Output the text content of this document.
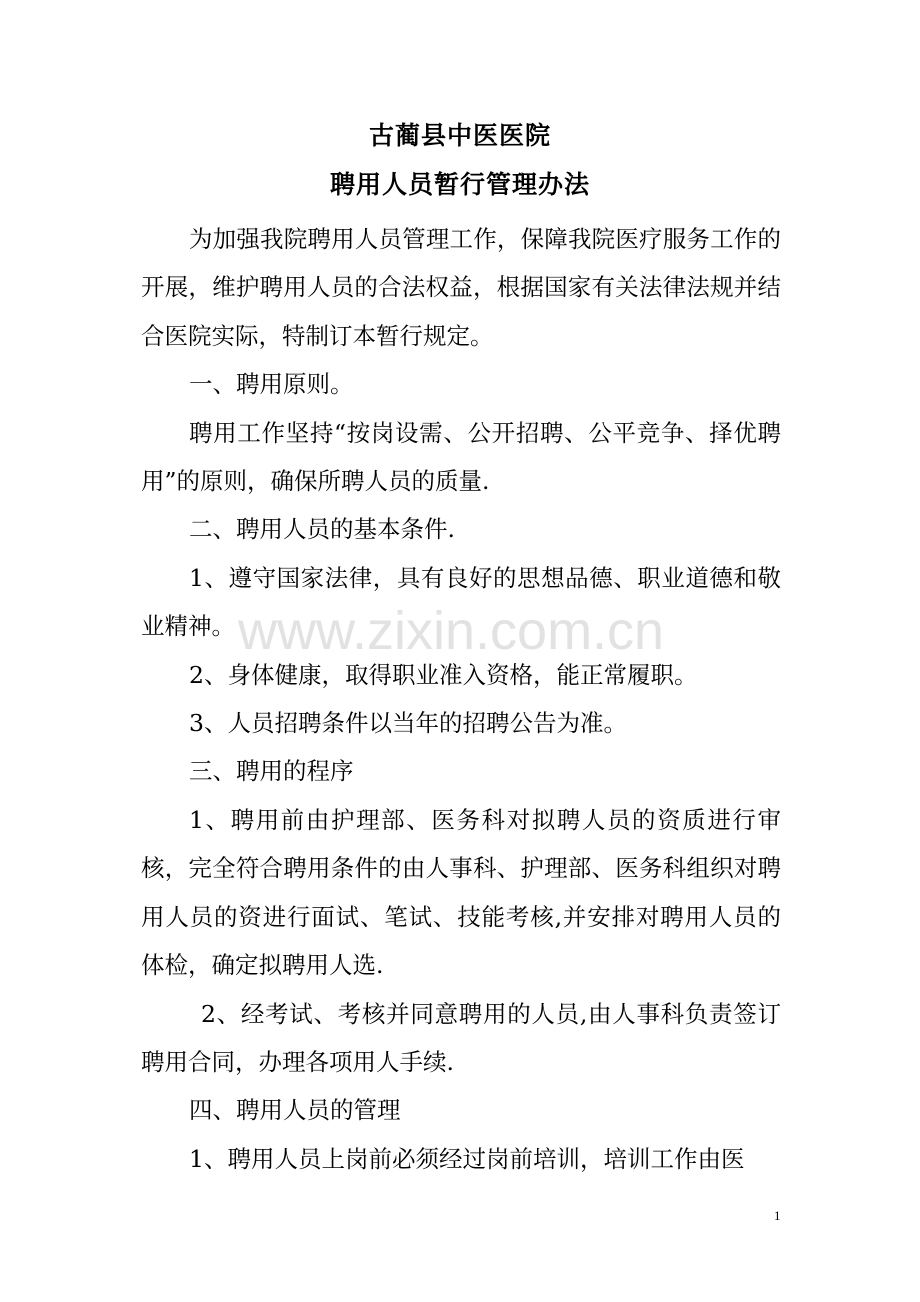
古蔺县中医医院
聘用人员暂行管理办法

为加强我院聘用人员管理工作，保障我院医疗服务工作的开展，维护聘用人员的合法权益，根据国家有关法律法规并结合医院实际，特制订本暂行规定。

一、聘用原则。

聘用工作坚持“按岗设需、公开招聘、公平竞争、择优聘用”的原则，确保所聘人员的质量.

二、聘用人员的基本条件.

1、遵守国家法律，具有良好的思想品德、职业道德和敬业精神。

2、身体健康，取得职业准入资格，能正常履职。

3、人员招聘条件以当年的招聘公告为准。

三、聘用的程序

1、聘用前由护理部、医务科对拟聘人员的资质进行审核，完全符合聘用条件的由人事科、护理部、医务科组织对聘用人员的资进行面试、笔试、技能考核,并安排对聘用人员的体检，确定拟聘用人选.

2、经考试、考核并同意聘用的人员,由人事科负责签订聘用合同，办理各项用人手续.

四、聘用人员的管理

1、聘用人员上岗前必须经过岗前培训，培训工作由医

www.zixin.com.cn
1
